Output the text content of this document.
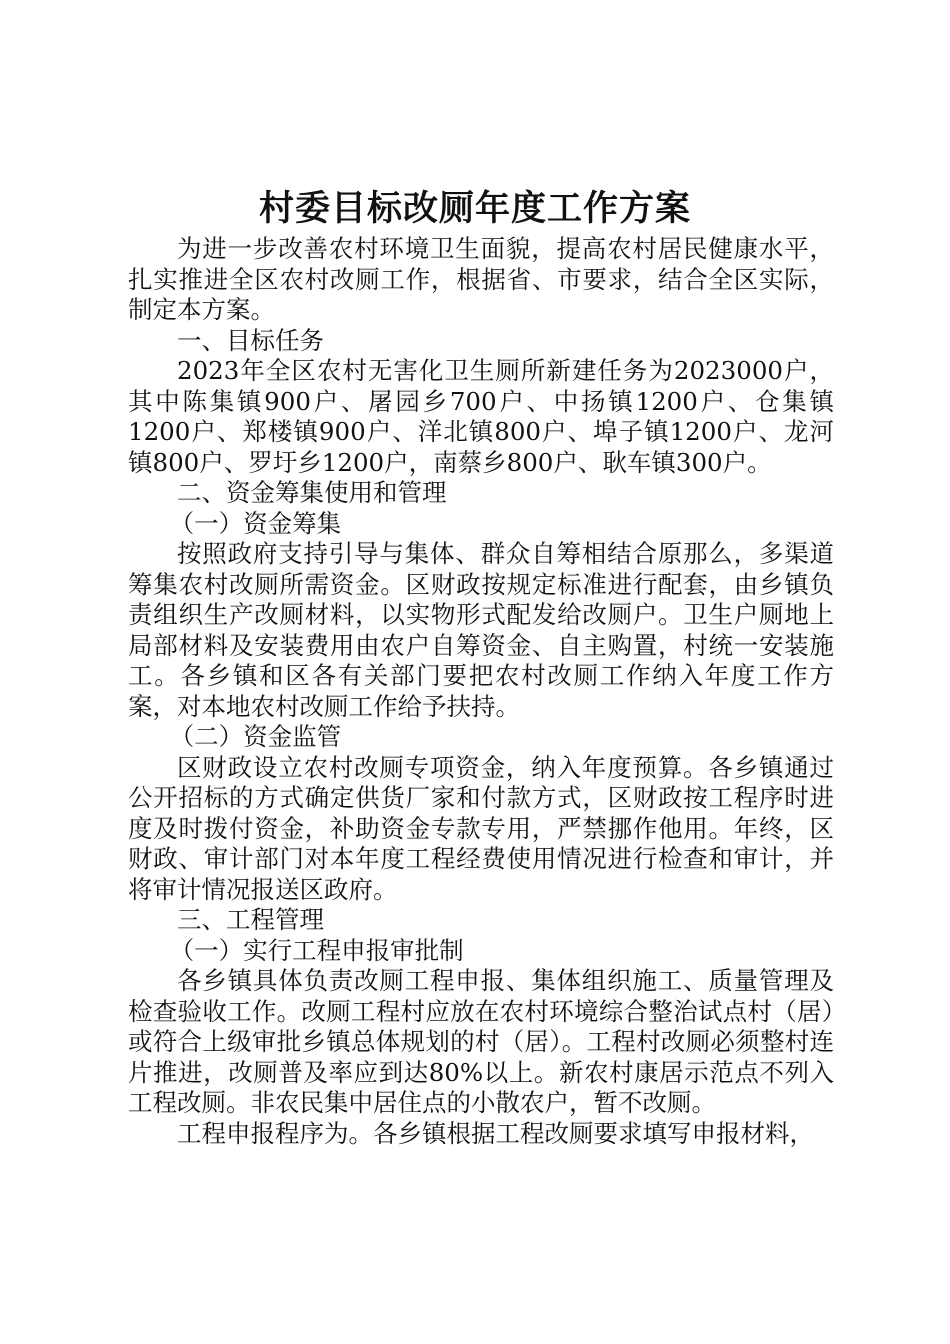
村委目标改厕年度工作方案

为进一步改善农村环境卫生面貌，提高农村居民健康水平，扎实推进全区农村改厕工作，根据省、市要求，结合全区实际，制定本方案。

一、目标任务

2023年全区农村无害化卫生厕所新建任务为2023000户，其中陈集镇900户、屠园乡700户、中扬镇1200户、仓集镇1200户、郑楼镇900户、洋北镇800户、埠子镇1200户、龙河镇800户、罗圩乡1200户，南蔡乡800户、耿车镇300户。

二、资金筹集使用和管理

（一）资金筹集

按照政府支持引导与集体、群众自筹相结合原那么，多渠道筹集农村改厕所需资金。区财政按规定标准进行配套，由乡镇负责组织生产改厕材料，以实物形式配发给改厕户。卫生户厕地上局部材料及安装费用由农户自筹资金、自主购置，村统一安装施工。各乡镇和区各有关部门要把农村改厕工作纳入年度工作方案，对本地农村改厕工作给予扶持。

（二）资金监管

区财政设立农村改厕专项资金，纳入年度预算。各乡镇通过公开招标的方式确定供货厂家和付款方式，区财政按工程序时进度及时拨付资金，补助资金专款专用，严禁挪作他用。年终，区财政、审计部门对本年度工程经费使用情况进行检查和审计，并将审计情况报送区政府。

三、工程管理

（一）实行工程申报审批制

各乡镇具体负责改厕工程申报、集体组织施工、质量管理及检查验收工作。改厕工程村应放在农村环境综合整治试点村（居）或符合上级审批乡镇总体规划的村（居）。工程村改厕必须整村连片推进，改厕普及率应到达80%以上。新农村康居示范点不列入工程改厕。非农民集中居住点的小散农户，暂不改厕。

工程申报程序为。各乡镇根据工程改厕要求填写申报材料，
